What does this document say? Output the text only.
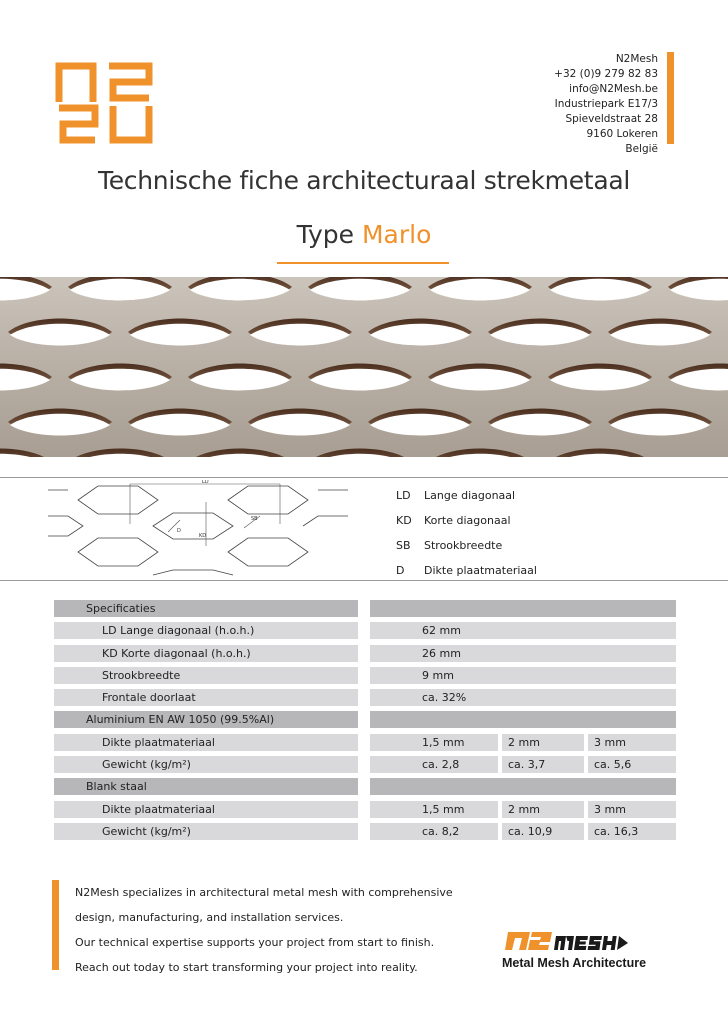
N2Mesh
+32 (0)9 279 82 83
info@N2Mesh.be
Industriepark E17/3
Spieveldstraat 28
9160 Lokeren
België
Technische fiche architecturaal strekmetaal
Type Marlo
LD
KD
SB
D
LD	Lange diagonaal
KD	Korte diagonaal
SB	Strookbreedte
D	Dikte plaatmateriaal
Specificaties
LD Lange diagonaal (h.o.h.)	62 mm
KD Korte diagonaal (h.o.h.)	26 mm
Strookbreedte	9 mm
Frontale doorlaat	ca. 32%
Aluminium EN AW 1050 (99.5%Al)
Dikte plaatmateriaal	1,5 mm	2 mm	3 mm
Gewicht (kg/m²)	ca. 2,8	ca. 3,7	ca. 5,6
Blank staal
Dikte plaatmateriaal	1,5 mm	2 mm	3 mm
Gewicht (kg/m²)	ca. 8,2	ca. 10,9	ca. 16,3
N2Mesh specializes in architectural metal mesh with comprehensive
design, manufacturing, and installation services.
Our technical expertise supports your project from start to finish.
Reach out today to start transforming your project into reality.	Metal Mesh Architecture
